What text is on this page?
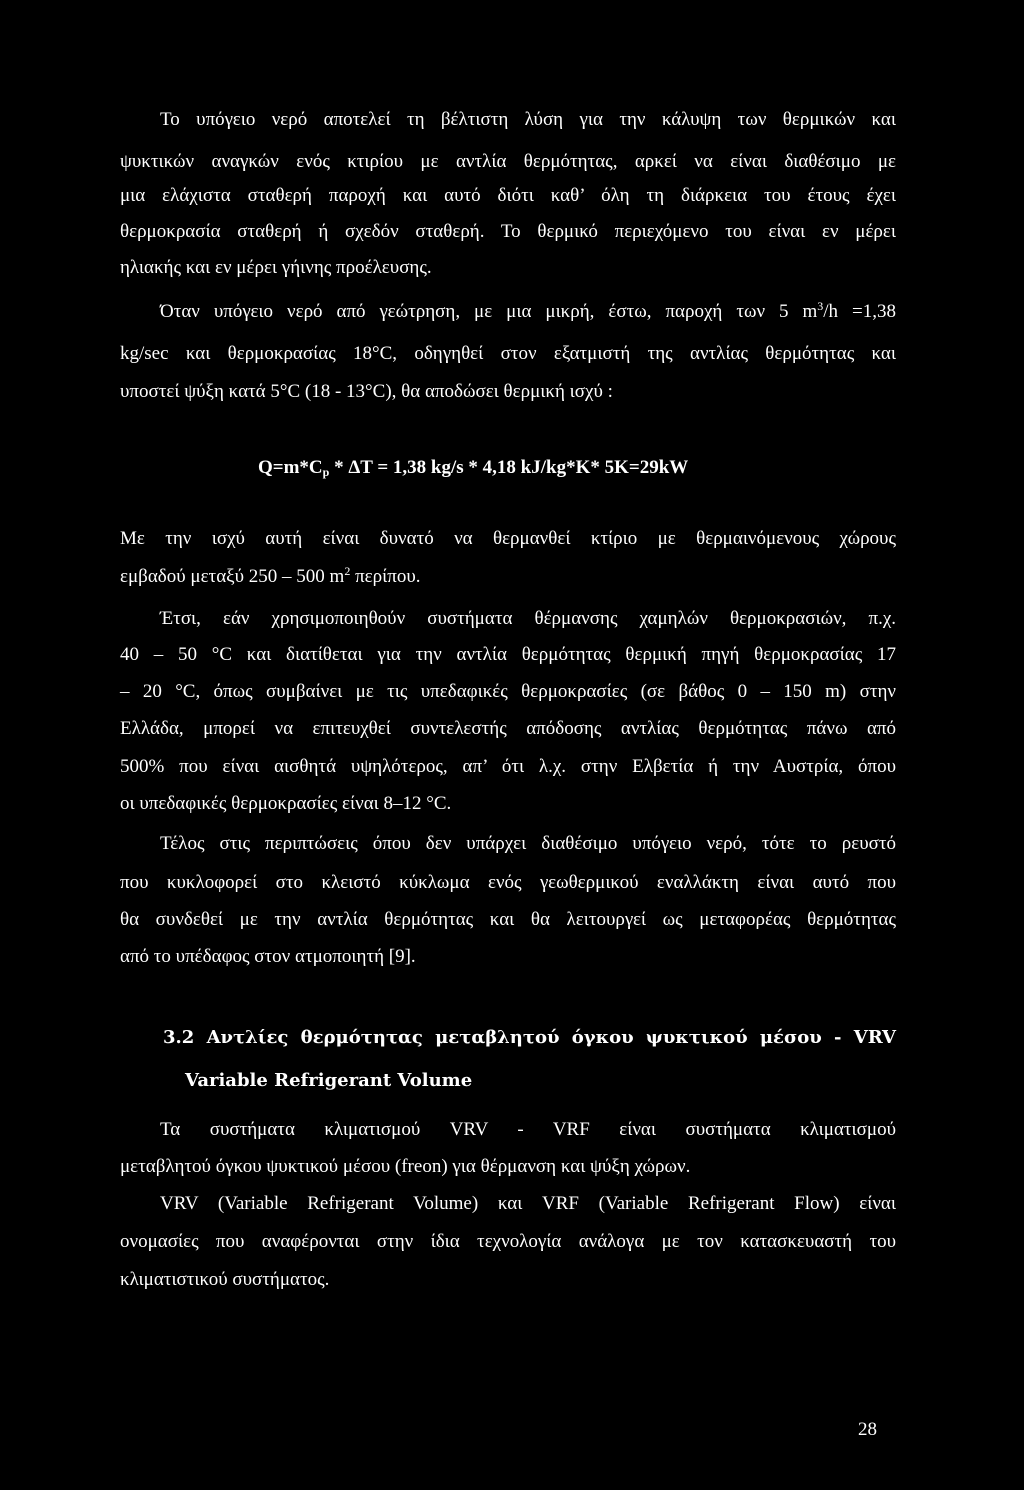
Το υπόγειο νερό αποτελεί τη βέλτιστη λύση για την κάλυψη των θερμικών και
ψυκτικών αναγκών ενός κτιρίου με αντλία θερμότητας, αρκεί να είναι διαθέσιμο με
μια ελάχιστα σταθερή παροχή και αυτό διότι καθ’ όλη τη διάρκεια του έτους έχει
θερμοκρασία σταθερή ή σχεδόν σταθερή. Το θερμικό περιεχόμενο του είναι εν μέρει
ηλιακής και εν μέρει γήινης προέλευσης.
Όταν υπόγειο νερό από γεώτρηση, με μια μικρή, έστω, παροχή των 5 $m^3/h =1,38$
kg/sec και θερμοκρασίας 18°C, οδηγηθεί στον εξατμιστή της αντλίας θερμότητας και
υποστεί ψύξη κατά 5°C (18 - 13°C), θα αποδώσει θερμική ισχύ :
$Q=m*C_p * \Delta T = 1,38$ kg/s * 4,18 kJ/kg*K* 5K=29kW
Με την ισχύ αυτή είναι δυνατό να θερμανθεί κτίριο με θερμαινόμενους χώρους
εμβαδού μεταξύ 250 – 500 $m^2$ περίπου.
Έτσι, εάν χρησιμοποιηθούν συστήματα θέρμανσης χαμηλών θερμοκρασιών, π.χ.
40 – 50 °C και διατίθεται για την αντλία θερμότητας θερμική πηγή θερμοκρασίας 17
– 20 °C, όπως συμβαίνει με τις υπεδαφικές θερμοκρασίες (σε βάθος 0 – 150 m) στην
Ελλάδα, μπορεί να επιτευχθεί συντελεστής απόδοσης αντλίας θερμότητας πάνω από
500% που είναι αισθητά υψηλότερος, απ’ ότι λ.χ. στην Ελβετία ή την Αυστρία, όπου
οι υπεδαφικές θερμοκρασίες είναι 8–12 °C.
Τέλος στις περιπτώσεις όπου δεν υπάρχει διαθέσιμο υπόγειο νερό, τότε το ρευστό
που κυκλοφορεί στο κλειστό κύκλωμα ενός γεωθερμικού εναλλάκτη είναι αυτό που
θα συνδεθεί με την αντλία θερμότητας και θα λειτουργεί ως μεταφορέας θερμότητας
από το υπέδαφος στον ατμοποιητή [9].
3.2 Αντλίες θερμότητας μεταβλητού όγκου ψυκτικού μέσου - VRV
Variable Refrigerant Volume
Τα συστήματα κλιματισμού VRV - VRF είναι συστήματα κλιματισμού
μεταβλητού όγκου ψυκτικού μέσου (freon) για θέρμανση και ψύξη χώρων.
VRV (Variable Refrigerant Volume) και VRF (Variable Refrigerant Flow) είναι
ονομασίες που αναφέρονται στην ίδια τεχνολογία ανάλογα με τον κατασκευαστή του
κλιματιστικού συστήματος.
28
